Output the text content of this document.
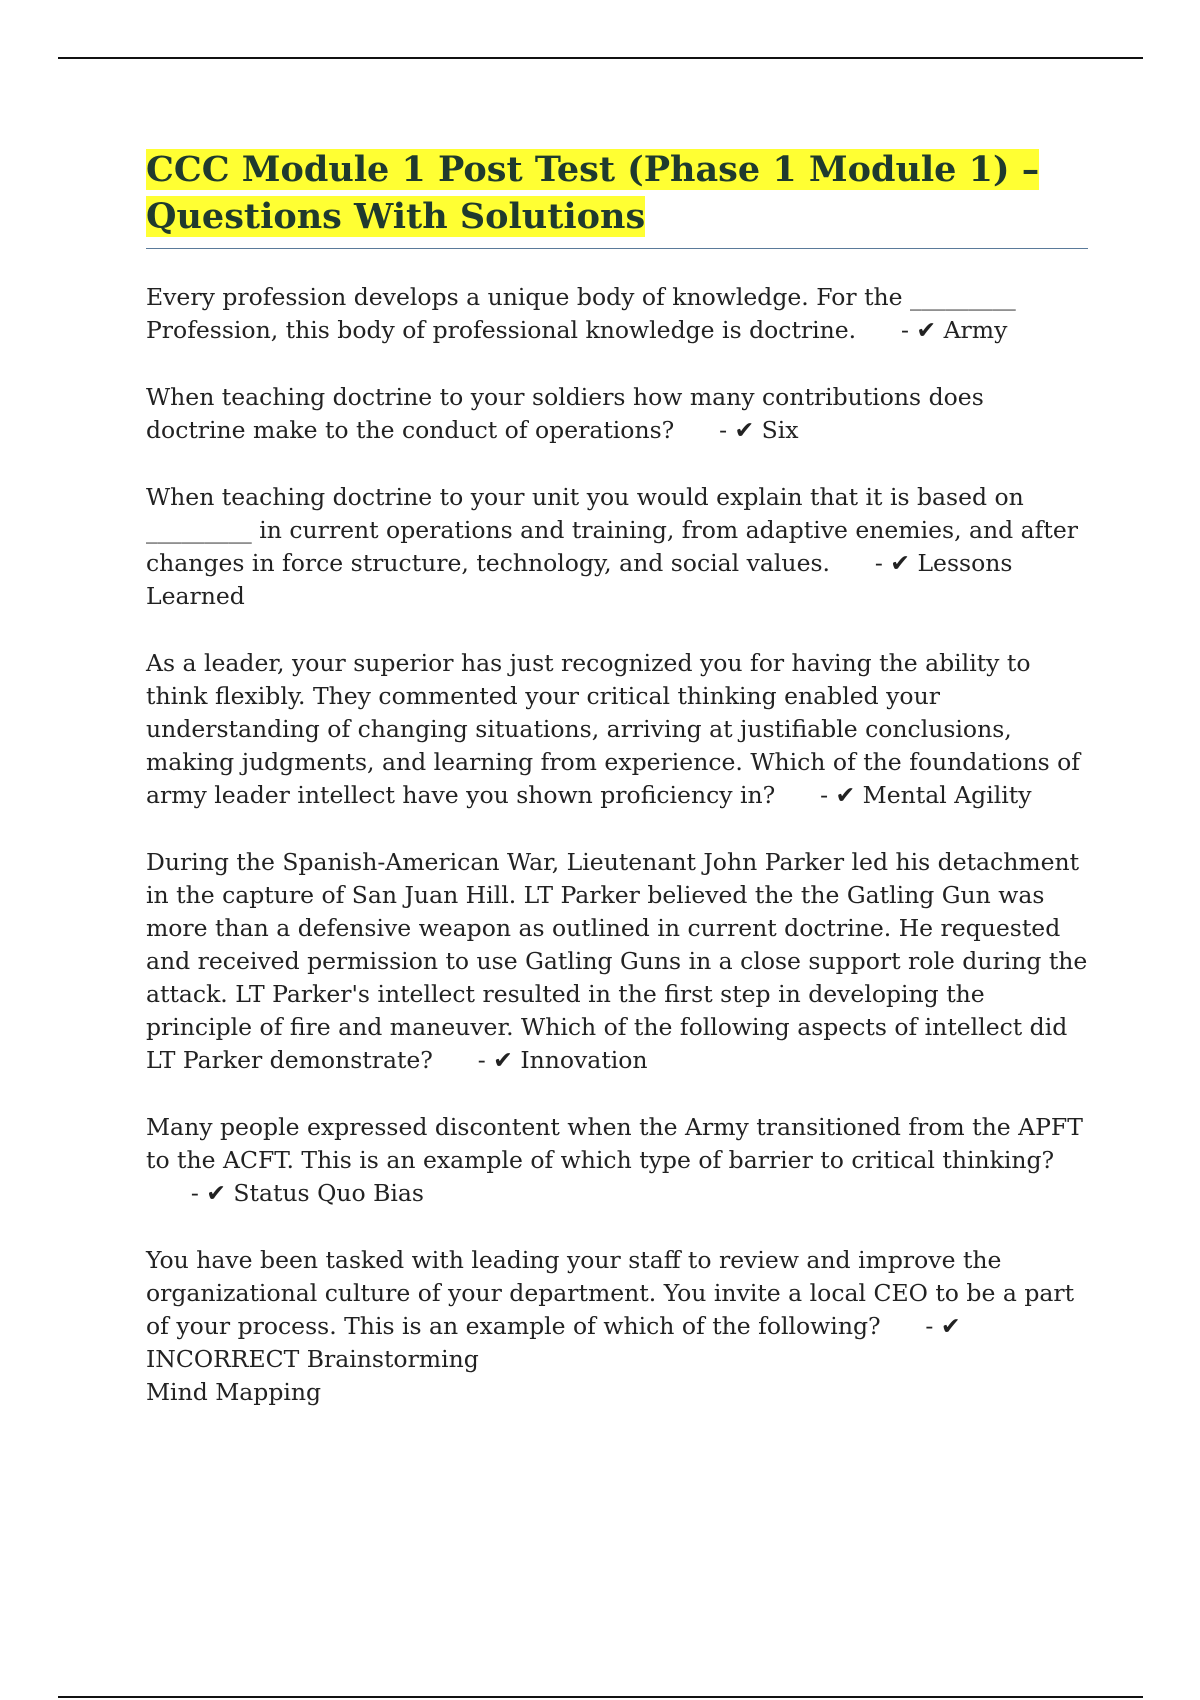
CCC Module 1 Post Test (Phase 1 Module 1) – Questions With Solutions

Every profession develops a unique body of knowledge. For the _________ Profession, this body of professional knowledge is doctrine. - ✔ Army

When teaching doctrine to your soldiers how many contributions does doctrine make to the conduct of operations? - ✔ Six

When teaching doctrine to your unit you would explain that it is based on _________ in current operations and training, from adaptive enemies, and after changes in force structure, technology, and social values. - ✔ Lessons Learned

As a leader, your superior has just recognized you for having the ability to think flexibly. They commented your critical thinking enabled your understanding of changing situations, arriving at justifiable conclusions, making judgments, and learning from experience. Which of the foundations of army leader intellect have you shown proficiency in? - ✔ Mental Agility

During the Spanish-American War, Lieutenant John Parker led his detachment in the capture of San Juan Hill. LT Parker believed the the Gatling Gun was more than a defensive weapon as outlined in current doctrine. He requested and received permission to use Gatling Guns in a close support role during the attack. LT Parker's intellect resulted in the first step in developing the principle of fire and maneuver. Which of the following aspects of intellect did LT Parker demonstrate? - ✔ Innovation

Many people expressed discontent when the Army transitioned from the APFT to the ACFT. This is an example of which type of barrier to critical thinking?      - ✔ Status Quo Bias

You have been tasked with leading your staff to review and improve the organizational culture of your department. You invite a local CEO to be a part of your process. This is an example of which of the following? - ✔ INCORRECT Brainstorming
Mind Mapping
